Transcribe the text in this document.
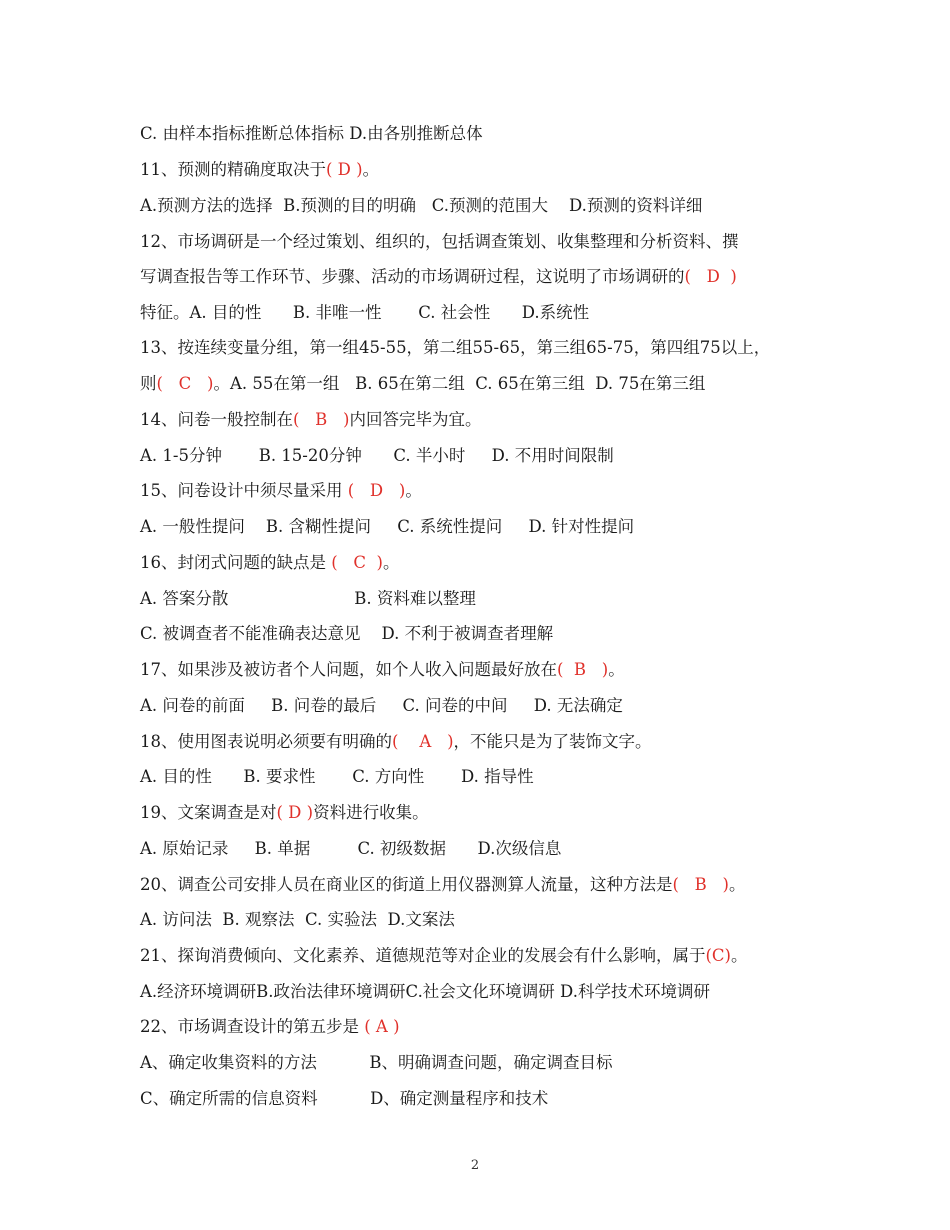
C. 由样本指标推断总体指标 D.由各别推断总体
11、预测的精确度取决于( D )。
A.预测方法的选择  B.预测的目的明确   C.预测的范围大    D.预测的资料详细
12、市场调研是一个经过策划、组织的，包括调查策划、收集整理和分析资料、撰
写调查报告等工作环节、步骤、活动的市场调研过程，这说明了市场调研的(   D  )
特征。A. 目的性      B. 非唯一性       C. 社会性      D.系统性
13、按连续变量分组，第一组45-55，第二组55-65，第三组65-75，第四组75以上，
则(   C   )。A. 55在第一组   B. 65在第二组  C. 65在第三组  D. 75在第三组
14、问卷一般控制在(   B   )内回答完毕为宜。
A. 1-5分钟       B. 15-20分钟      C. 半小时     D. 不用时间限制
15、问卷设计中须尽量采用 (   D   )。
A. 一般性提问    B. 含糊性提问     C. 系统性提问     D. 针对性提问
16、封闭式问题的缺点是 (   C  )。
A. 答案分散                        B. 资料难以整理
C. 被调查者不能准确表达意见    D. 不利于被调查者理解
17、如果涉及被访者个人问题，如个人收入问题最好放在(  B   )。
A. 问卷的前面     B. 问卷的最后     C. 问卷的中间     D. 无法确定
18、使用图表说明必须要有明确的(    A   )，不能只是为了装饰文字。
A. 目的性      B. 要求性       C. 方向性       D. 指导性
19、文案调查是对( D )资料进行收集。
A. 原始记录     B. 单据         C. 初级数据      D.次级信息
20、调查公司安排人员在商业区的街道上用仪器测算人流量，这种方法是(   B   )。
A. 访问法  B. 观察法  C. 实验法  D.文案法
21、探询消费倾向、文化素养、道德规范等对企业的发展会有什么影响，属于(C)。
A.经济环境调研B.政治法律环境调研C.社会文化环境调研 D.科学技术环境调研
22、市场调查设计的第五步是 ( A )
A、确定收集资料的方法          B、明确调查问题，确定调查目标
C、确定所需的信息资料          D、确定测量程序和技术
2
